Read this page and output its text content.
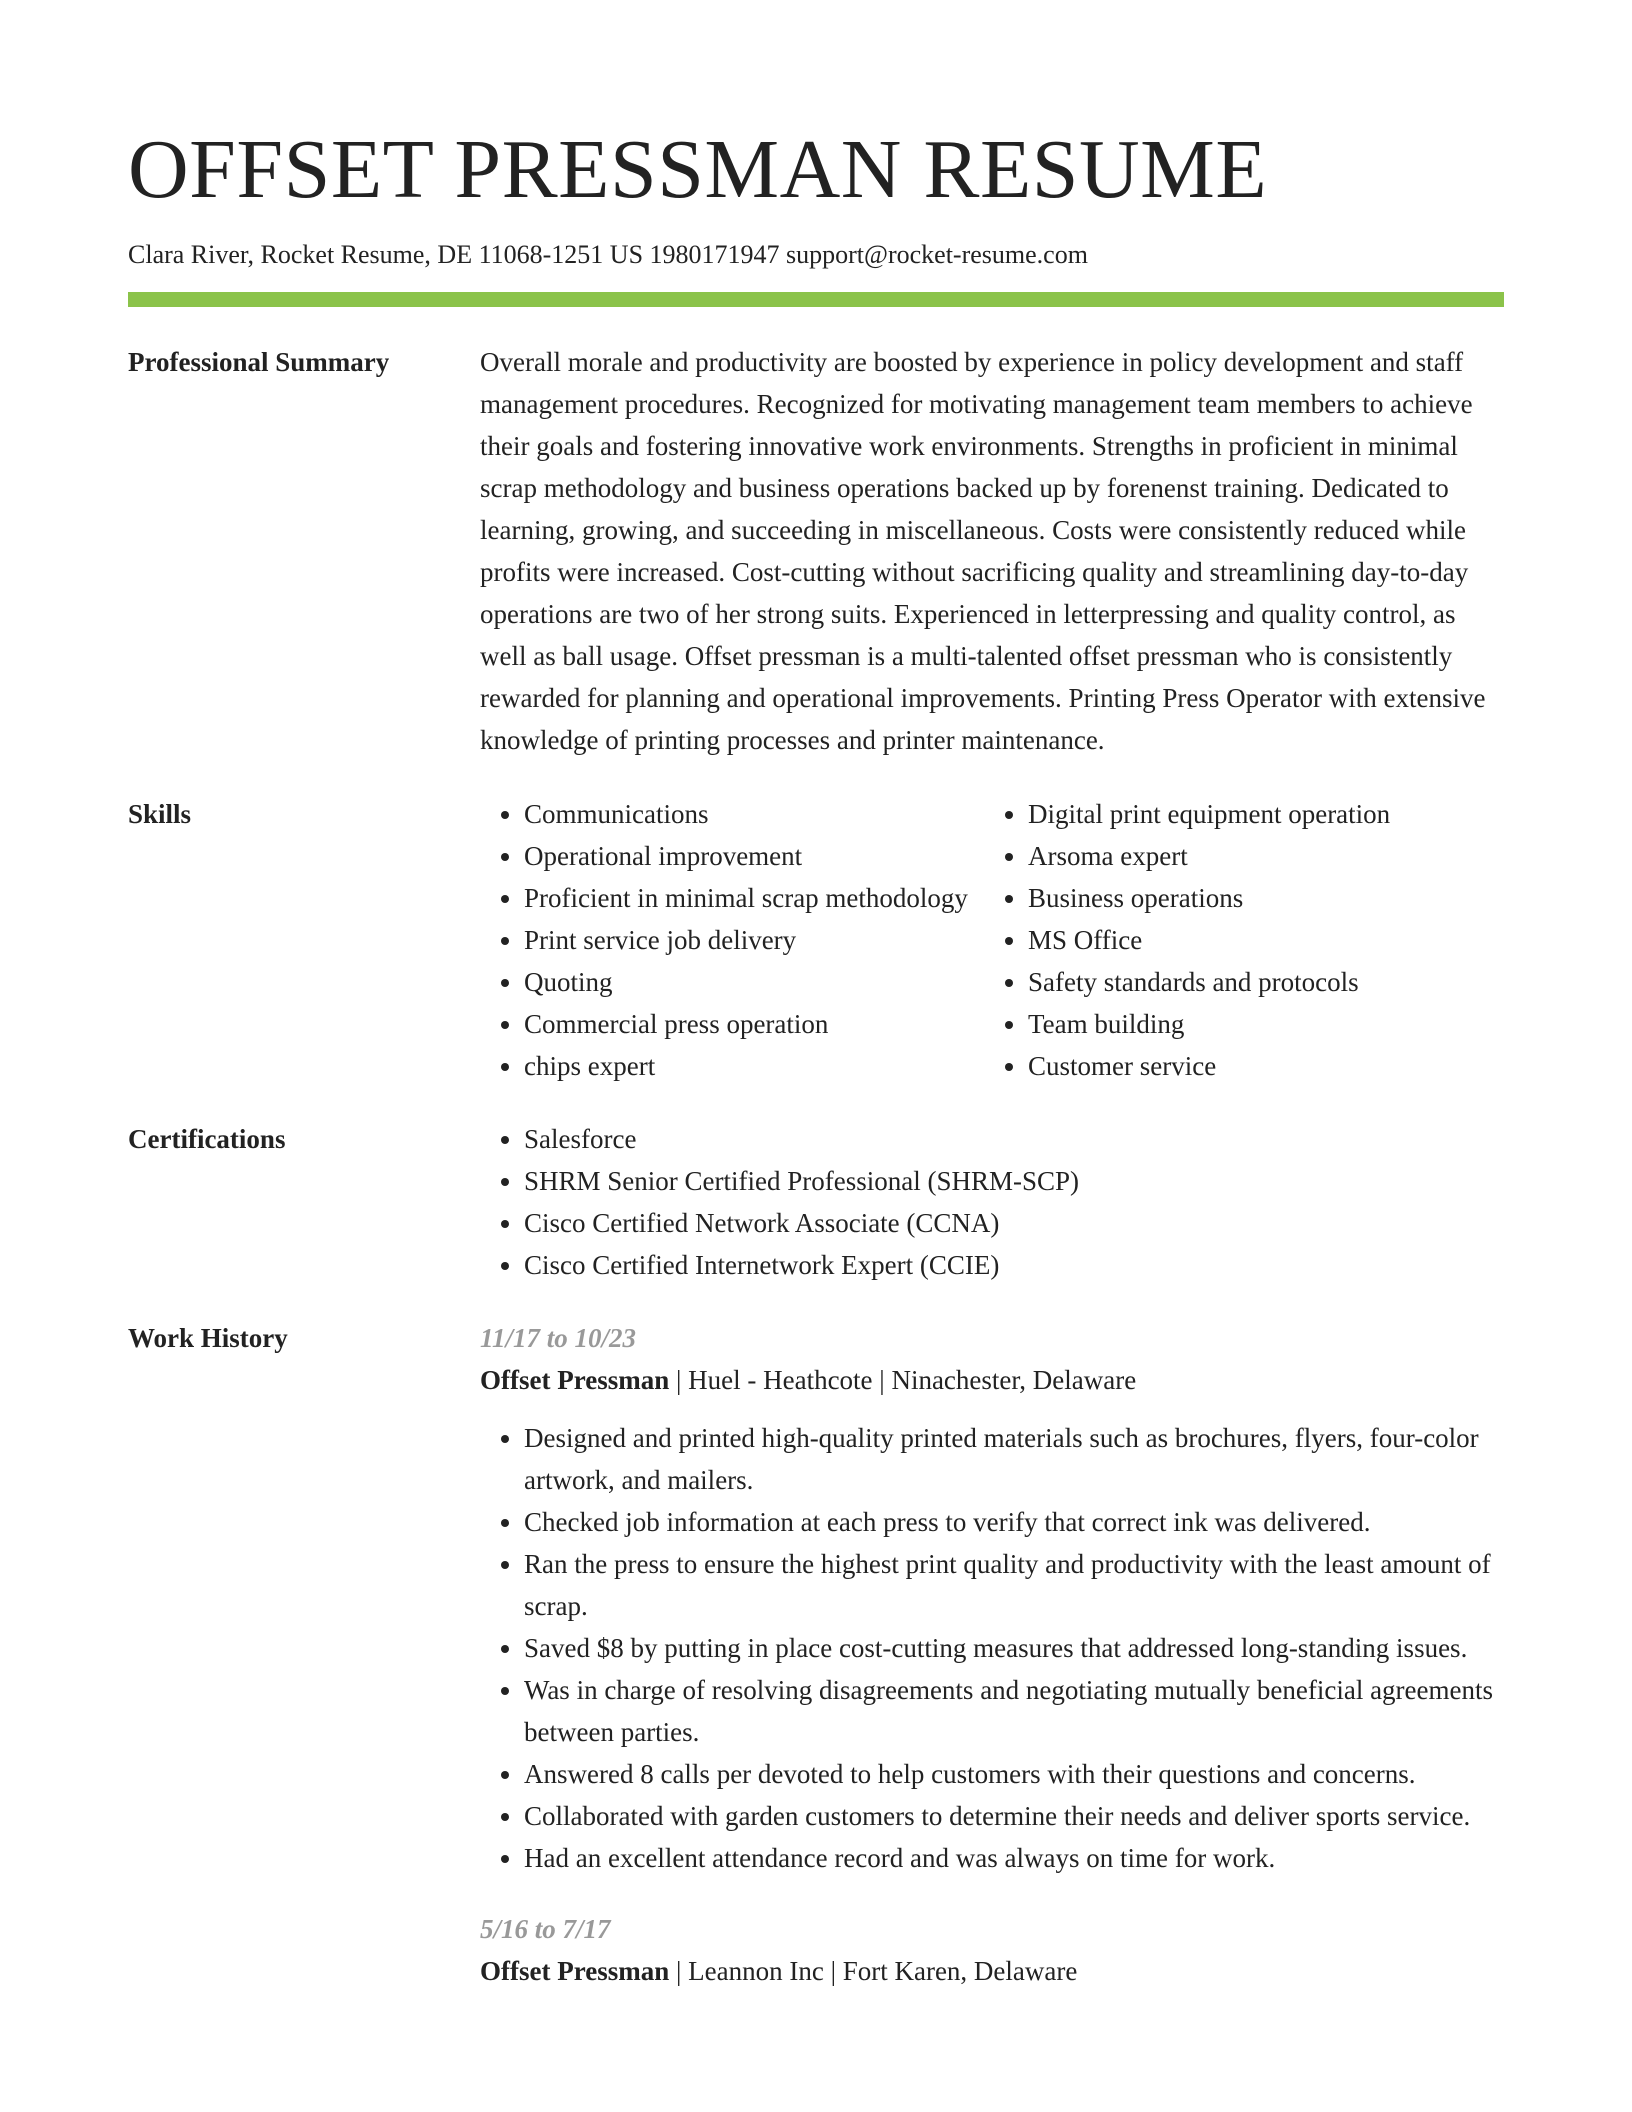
OFFSET PRESSMAN RESUME
Clara River, Rocket Resume, DE 11068-1251 US 1980171947 support@rocket-resume.com
Professional Summary	Overall morale and productivity are boosted by experience in policy development and staff management procedures. Recognized for motivating management team members to achieve their goals and fostering innovative work environments. Strengths in proficient in minimal scrap methodology and business operations backed up by forenenst training. Dedicated to learning, growing, and succeeding in miscellaneous. Costs were consistently reduced while profits were increased. Cost-cutting without sacrificing quality and streamlining day-to-day operations are two of her strong suits. Experienced in letterpressing and quality control, as well as ball usage. Offset pressman is a multi-talented offset pressman who is consistently rewarded for planning and operational improvements. Printing Press Operator with extensive knowledge of printing processes and printer maintenance.

Skills	• Communications
• Operational improvement
• Proficient in minimal scrap methodology
• Print service job delivery
• Quoting
• Commercial press operation
• chips expert
• Digital print equipment operation
• Arsoma expert
• Business operations
• MS Office
• Safety standards and protocols
• Team building
• Customer service
Certifications	• Salesforce
• SHRM Senior Certified Professional (SHRM-SCP)
• Cisco Certified Network Associate (CCNA)
• Cisco Certified Internetwork Expert (CCIE)
Work History	11/17 to 10/23
Offset Pressman | Huel - Heathcote | Ninachester, Delaware
• Designed and printed high-quality printed materials such as brochures, flyers, four-color artwork, and mailers.
• Checked job information at each press to verify that correct ink was delivered.
• Ran the press to ensure the highest print quality and productivity with the least amount of scrap.
• Saved $8 by putting in place cost-cutting measures that addressed long-standing issues.
• Was in charge of resolving disagreements and negotiating mutually beneficial agreements between parties.
• Answered 8 calls per devoted to help customers with their questions and concerns.
• Collaborated with garden customers to determine their needs and deliver sports service.
• Had an excellent attendance record and was always on time for work.
5/16 to 7/17
Offset Pressman | Leannon Inc | Fort Karen, Delaware
